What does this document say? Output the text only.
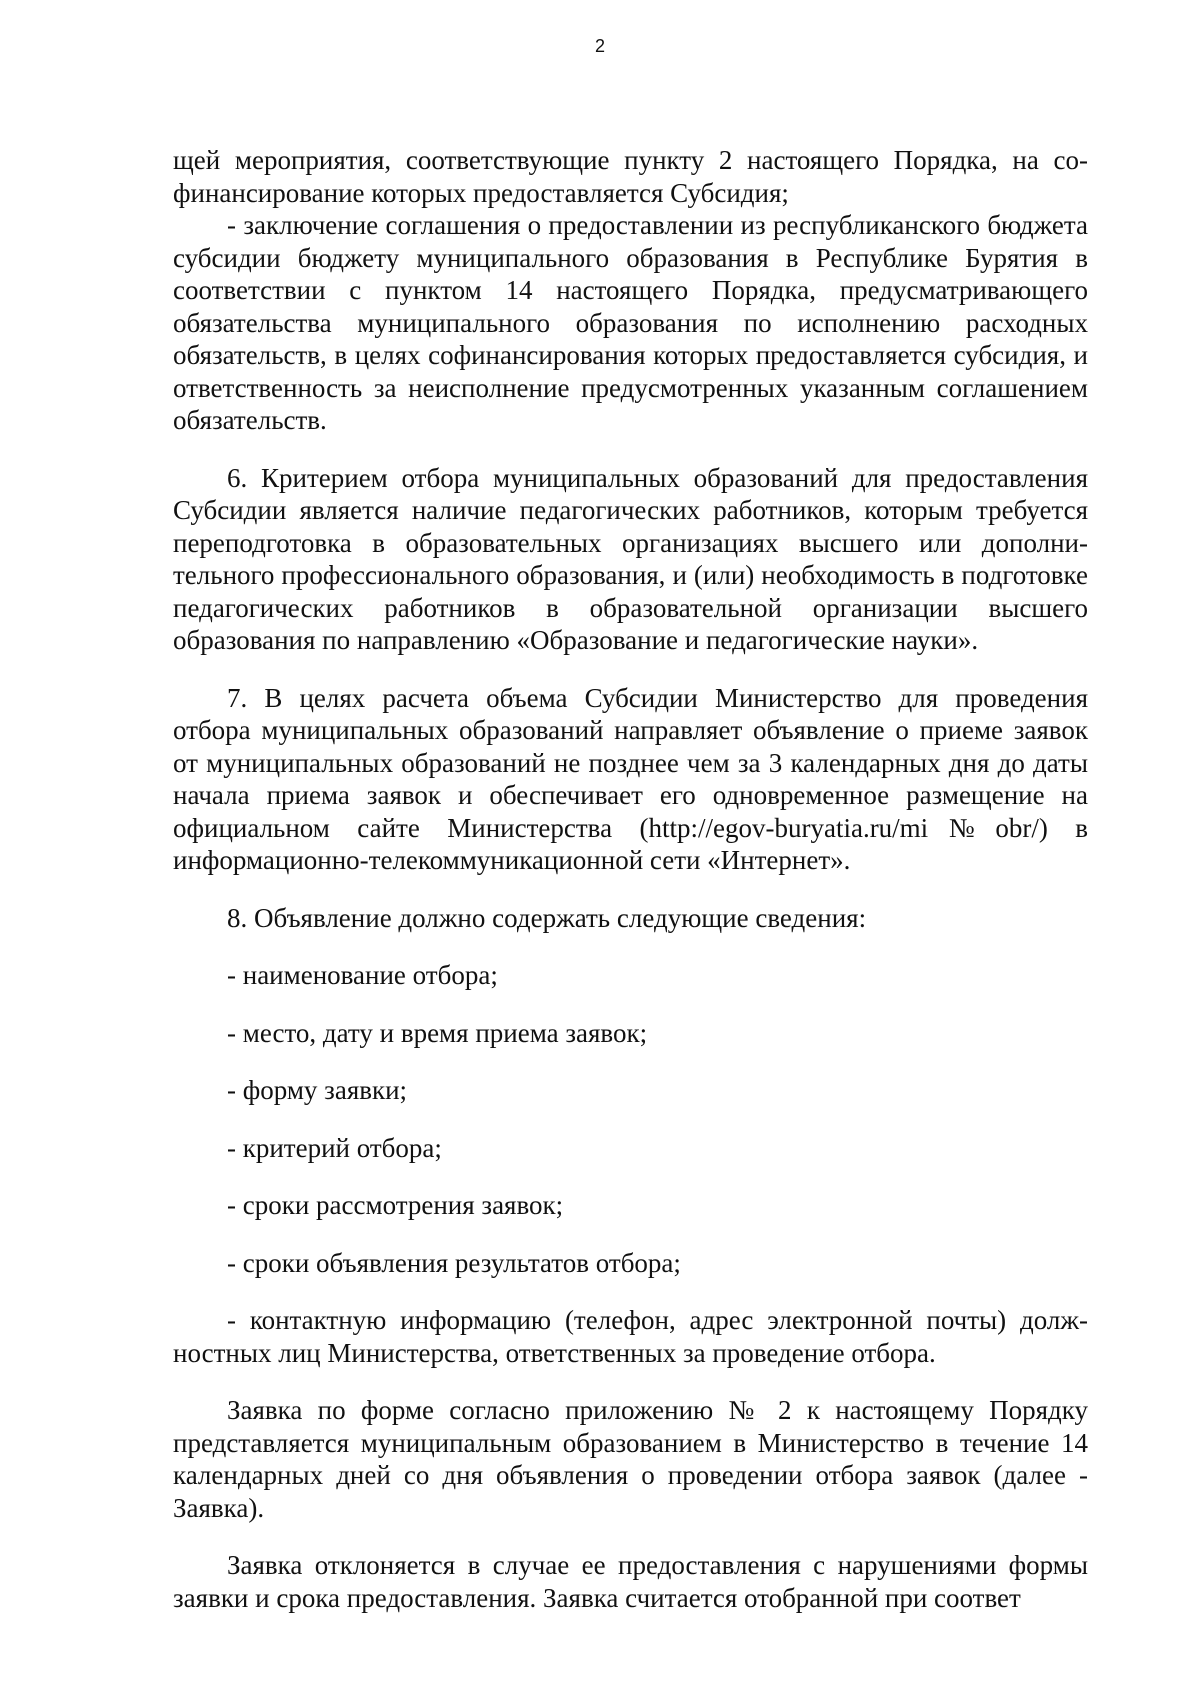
2

щей мероприятия, соответствующие пункту 2 настоящего Порядка, на софинансирование которых предоставляется Субсидия;

- заключение соглашения о предоставлении из республиканского бюджета субсидии бюджету муниципального образования в Республике Бурятия в соответствии с пунктом 14 настоящего Порядка, предусматривающего обязательства муниципального образования по исполнению расходных обязательств, в целях софинансирования которых предоставляется субсидия, и ответственность за неисполнение предусмотренных указанным соглашением обязательств.

6. Критерием отбора муниципальных образований для предоставления Субсидии является наличие педагогических работников, которым требуется переподготовка в образовательных организациях высшего или дополнительного профессионального образования, и (или) необходимость в подготовке педагогических работников в образовательной организации высшего образования по направлению «Образование и педагогические науки».

7. В целях расчета объема Субсидии Министерство для проведения отбора муниципальных образований направляет объявление о приеме заявок от муниципальных образований не позднее чем за 3 календарных дня до даты начала приема заявок и обеспечивает его одновременное размещение на официальном сайте Министерства (http://egov-buryatia.ru/mi№obr/) в информационно-телекоммуникационной сети «Интернет».

8. Объявление должно содержать следующие сведения:

- наименование отбора;

- место, дату и время приема заявок;

- форму заявки;

- критерий отбора;

- сроки рассмотрения заявок;

- сроки объявления результатов отбора;

- контактную информацию (телефон, адрес электронной почты) должностных лиц Министерства, ответственных за проведение отбора.

Заявка по форме согласно приложению № 2 к настоящему Порядку представляется муниципальным образованием в Министерство в течение 14 календарных дней со дня объявления о проведении отбора заявок (далее - Заявка).

Заявка отклоняется в случае ее предоставления с нарушениями формы заявки и срока предоставления. Заявка считается отобранной при соответ
